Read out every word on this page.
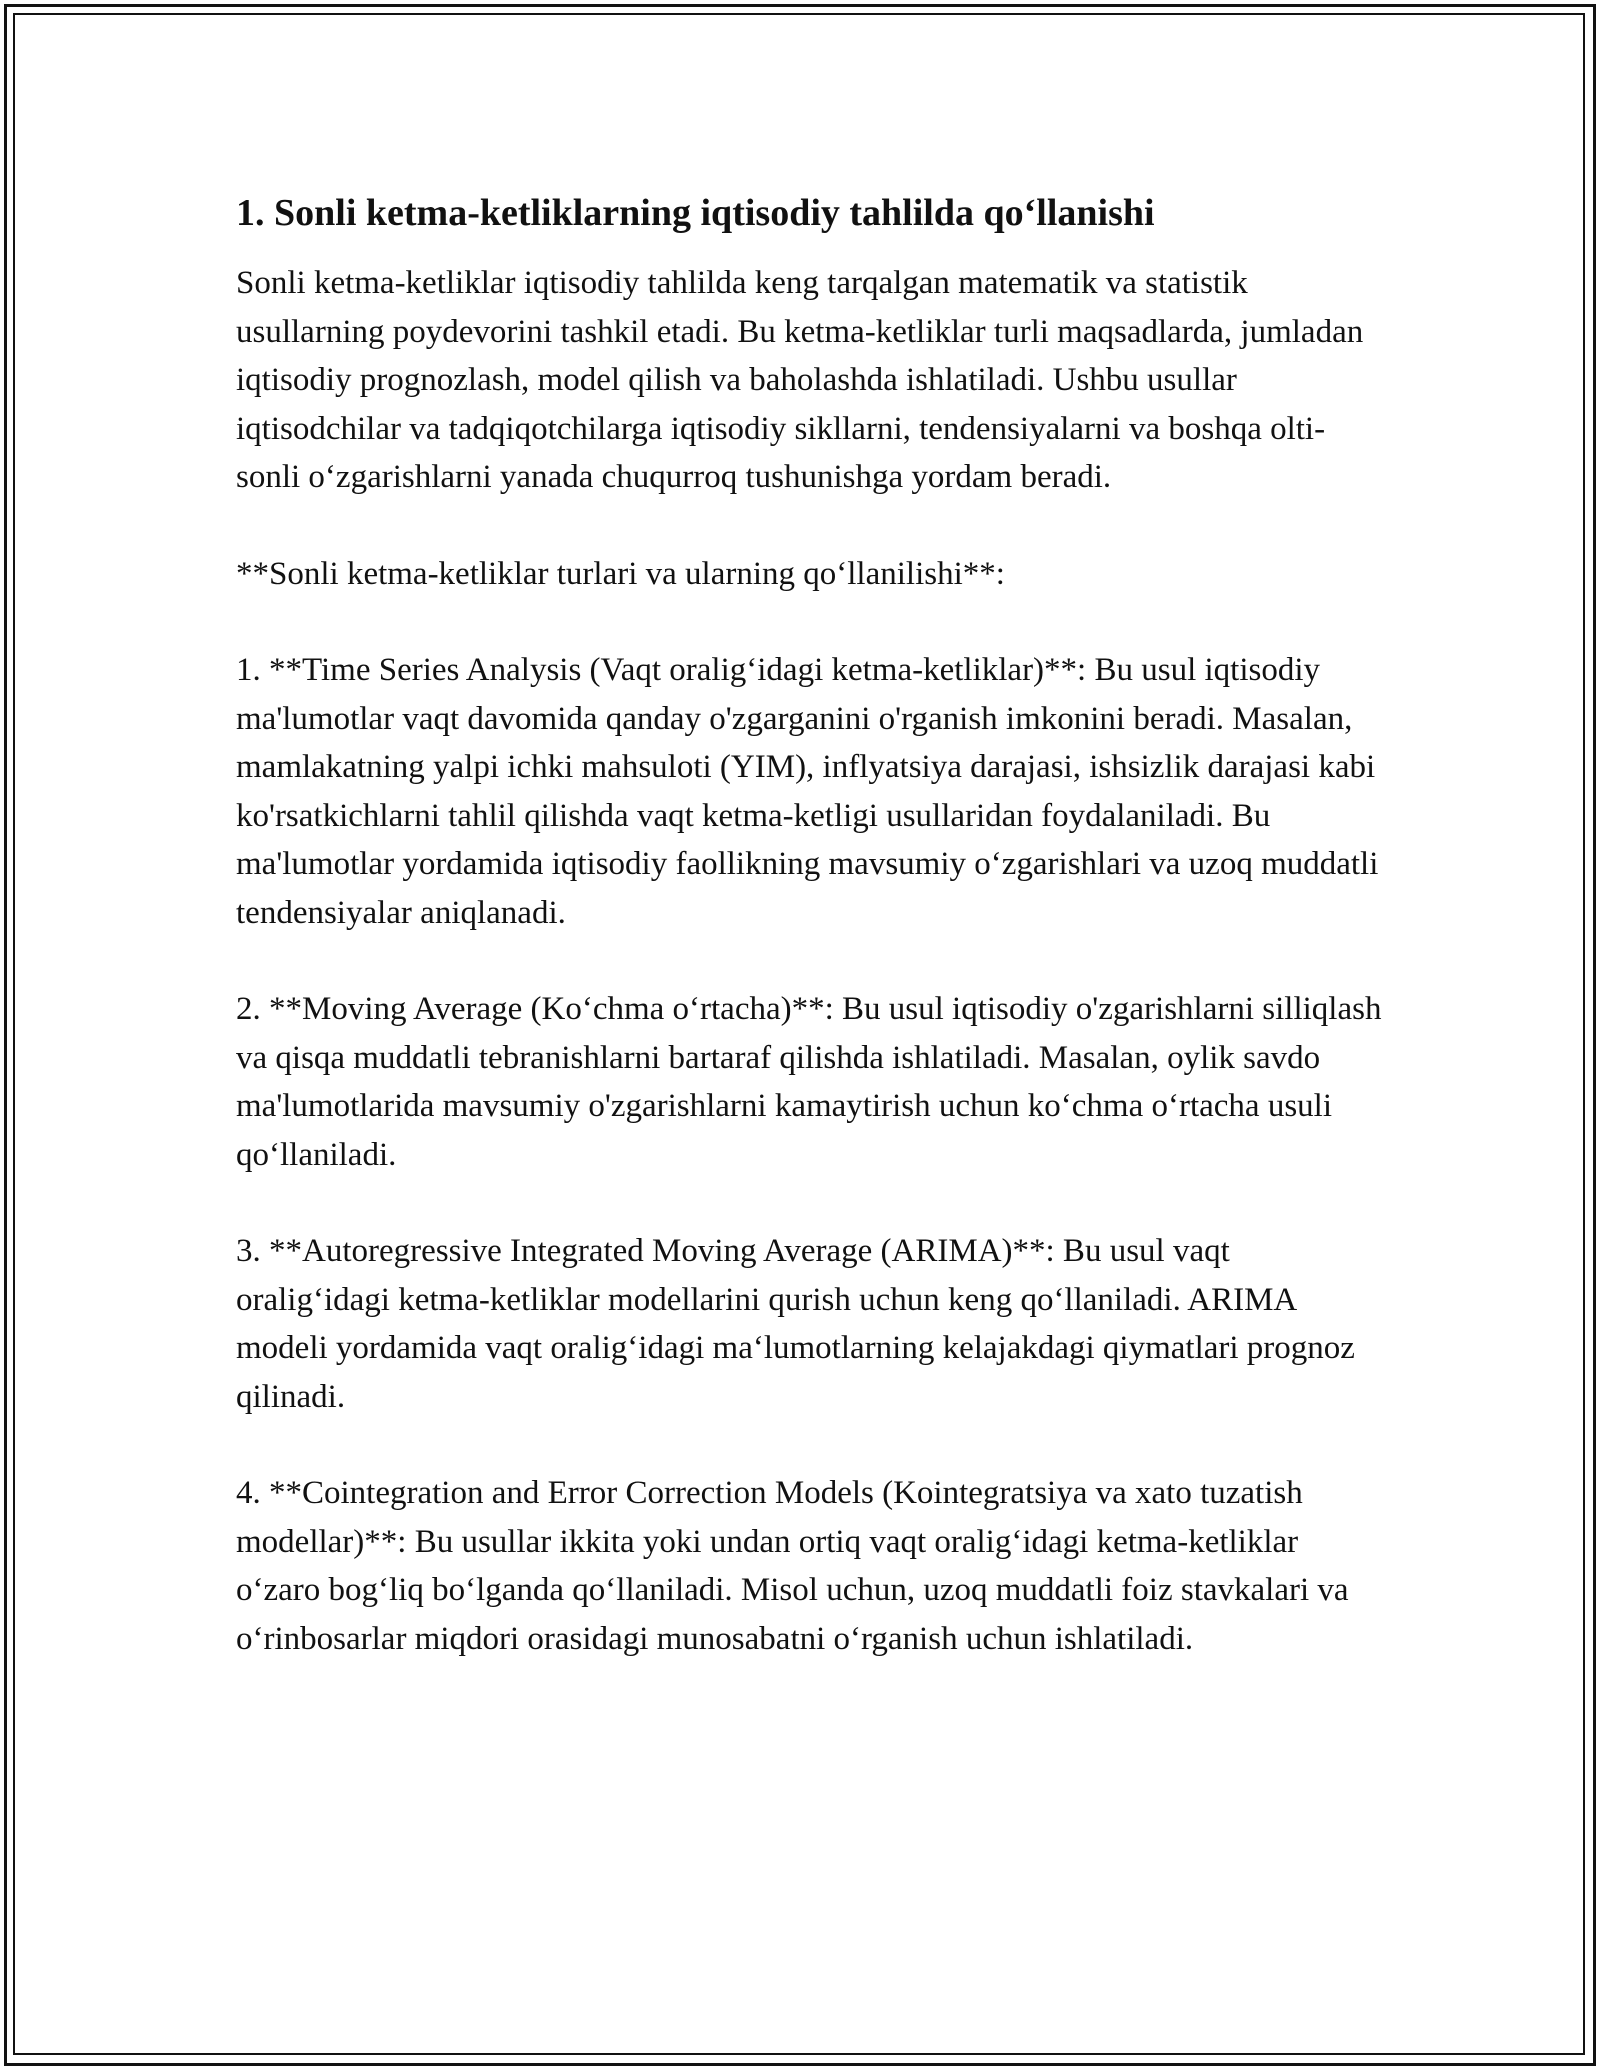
1. Sonli ketma-ketliklarning iqtisodiy tahlilda qo‘llanishi

Sonli ketma-ketliklar iqtisodiy tahlilda keng tarqalgan matematik va statistik usullarning poydevorini tashkil etadi. Bu ketma-ketliklar turli maqsadlarda, jumladan iqtisodiy prognozlash, model qilish va baholashda ishlatiladi. Ushbu usullar iqtisodchilar va tadqiqotchilarga iqtisodiy sikllarni, tendensiyalarni va boshqa olti-sonli o‘zgarishlarni yanada chuqurroq tushunishga yordam beradi.

**Sonli ketma-ketliklar turlari va ularning qo‘llanilishi**:

1. **Time Series Analysis (Vaqt oralig‘idagi ketma-ketliklar)**: Bu usul iqtisodiy ma'lumotlar vaqt davomida qanday o'zgarganini o'rganish imkonini beradi. Masalan, mamlakatning yalpi ichki mahsuloti (YIM), inflyatsiya darajasi, ishsizlik darajasi kabi ko'rsatkichlarni tahlil qilishda vaqt ketma-ketligi usullaridan foydalaniladi. Bu ma'lumotlar yordamida iqtisodiy faollikning mavsumiy o‘zgarishlari va uzoq muddatli tendensiyalar aniqlanadi.

2. **Moving Average (Ko‘chma o‘rtacha)**: Bu usul iqtisodiy o'zgarishlarni silliqlash va qisqa muddatli tebranishlarni bartaraf qilishda ishlatiladi. Masalan, oylik savdo ma'lumotlarida mavsumiy o'zgarishlarni kamaytirish uchun ko‘chma o‘rtacha usuli qo‘llaniladi.

3. **Autoregressive Integrated Moving Average (ARIMA)**: Bu usul vaqt oralig‘idagi ketma-ketliklar modellarini qurish uchun keng qo‘llaniladi. ARIMA modeli yordamida vaqt oralig‘idagi ma‘lumotlarning kelajakdagi qiymatlari prognoz qilinadi.

4. **Cointegration and Error Correction Models (Kointegratsiya va xato tuzatish modellar)**: Bu usullar ikkita yoki undan ortiq vaqt oralig‘idagi ketma-ketliklar o‘zaro bog‘liq bo‘lganda qo‘llaniladi. Misol uchun, uzoq muddatli foiz stavkalari va o‘rinbosarlar miqdori orasidagi munosabatni o‘rganish uchun ishlatiladi.
